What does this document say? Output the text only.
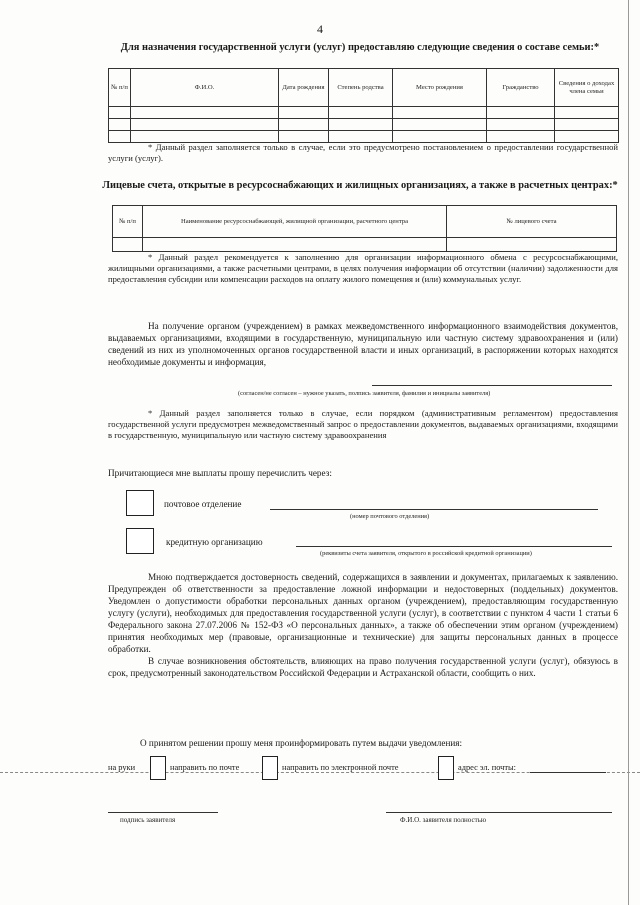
4
Для назначения государственной услуги (услуг) предоставляю следующие сведения о составе семьи:*
№ п/п	Ф.И.О.	Дата рождения	Степень родства	Место рождения	Гражданство	Сведения о доходах члена семьи

* Данный раздел заполняется только в случае, если это предусмотрено постановлением о предоставлении государственной услуги (услуг).

Лицевые счета, открытые в ресурсоснабжающих и жилищных организациях, а также в расчетных центрах:*
№ п/п	Наименование ресурсоснабжающей, жилищной организации, расчетного центра	№ лицевого счета

* Данный раздел рекомендуется к заполнению для организации информационного обмена с ресурсоснабжающими, жилищными организациями, а также расчетными центрами, в целях получения информации об отсутствии (наличии) задолженности для предоставления субсидии или компенсации расходов на оплату жилого помещения и (или) коммунальных услуг.

На получение органом (учреждением) в рамках межведомственного информационного взаимодействия документов, выдаваемых организациями, входящими в государственную, муниципальную или частную систему здравоохранения и (или) сведений из них из уполномоченных органов государственной власти и иных организаций, в распоряжении которых находятся необходимые документы и информация,

(согласен/не согласен – нужное указать, полпись заявителя, фамилия и инициалы заявителя)

* Данный раздел заполняется только в случае, если порядком (административным регламентом) предоставления государственной услуги предусмотрен межведомственный запрос о предоставлении документов, выдаваемых организациями, входящими в государственную, муниципальную или частную систему здравоохранения

Причитающиеся мне выплаты прошу перечислить через:
почтовое отделение
(номер почтового отделения)
кредитную организацию
(реквизиты счета заявителя, открытого в российской кредитной организации)

Мною подтверждается достоверность сведений, содержащихся в заявлении и документах, прилагаемых к заявлению. Предупрежден об ответственности за предоставление ложной информации и недостоверных (поддельных) документов. Уведомлен о допустимости обработки персональных данных органом (учреждением), предоставляющим государственную услугу (услуги), необходимых для предоставления государственной услуги (услуг), в соответствии с пунктом 4 части 1 статьи 6 Федерального закона 27.07.2006 № 152-ФЗ «О персональных данных», а также об обеспечении этим органом (учреждением) принятия необходимых мер (правовые, организационные и технические) для защиты персональных данных в процессе обработки.

В случае возникновения обстоятельств, влияющих на право получения государственной услуги (услуг), обязуюсь в срок, предусмотренный законодательством Российской Федерации и Астраханской области, сообщить о них.

О принятом решении прошу меня проинформировать путем выдачи уведомления:
на руки	направить по почте	направить по электронной почте	адрес эл. почты:
подпись заявителя	Ф.И.О. заявителя полностью
